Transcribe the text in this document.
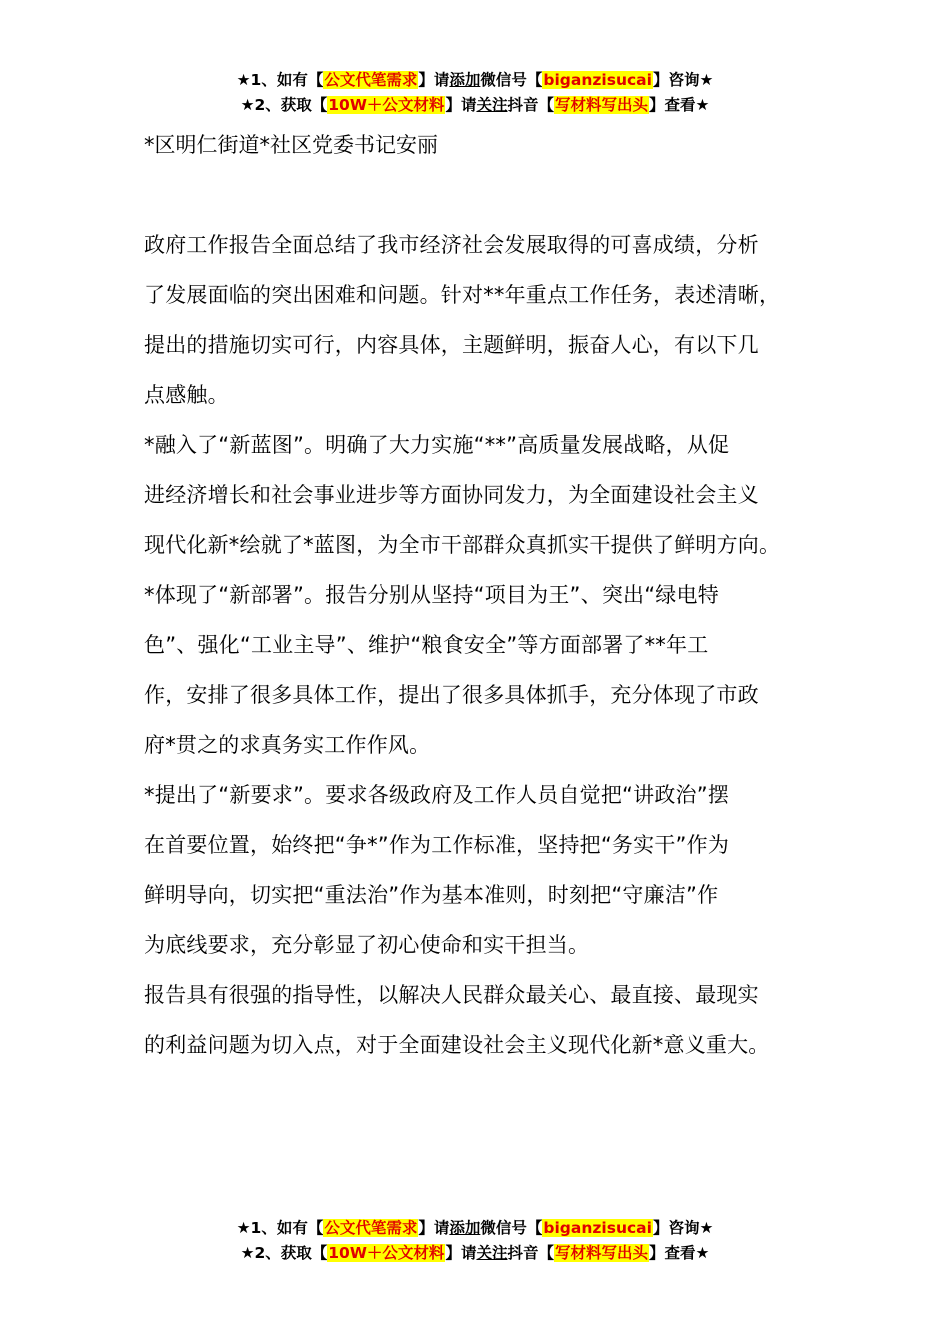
★1、如有【公文代笔需求】请添加微信号【biganzisucai】咨询★
★2、获取【10W＋公文材料】请关注抖音【写材料写出头】查看★
*区明仁街道*社区党委书记安丽

政府工作报告全面总结了我市经济社会发展取得的可喜成绩，分析
了发展面临的突出困难和问题。针对**年重点工作任务，表述清晰，
提出的措施切实可行，内容具体，主题鲜明，振奋人心，有以下几
点感触。

*融入了“新蓝图”。明确了大力实施“**”高质量发展战略，从促
进经济增长和社会事业进步等方面协同发力，为全面建设社会主义
现代化新*绘就了*蓝图，为全市干部群众真抓实干提供了鲜明方向。

*体现了“新部署”。报告分别从坚持“项目为王”、突出“绿电特
色”、强化“工业主导”、维护“粮食安全”等方面部署了**年工
作，安排了很多具体工作，提出了很多具体抓手，充分体现了市政
府*贯之的求真务实工作作风。

*提出了“新要求”。要求各级政府及工作人员自觉把“讲政治”摆
在首要位置，始终把“争*”作为工作标准，坚持把“务实干”作为
鲜明导向，切实把“重法治”作为基本准则，时刻把“守廉洁”作
为底线要求，充分彰显了初心使命和实干担当。

报告具有很强的指导性，以解决人民群众最关心、最直接、最现实
的利益问题为切入点，对于全面建设社会主义现代化新*意义重大。

★1、如有【公文代笔需求】请添加微信号【biganzisucai】咨询★
★2、获取【10W＋公文材料】请关注抖音【写材料写出头】查看★
